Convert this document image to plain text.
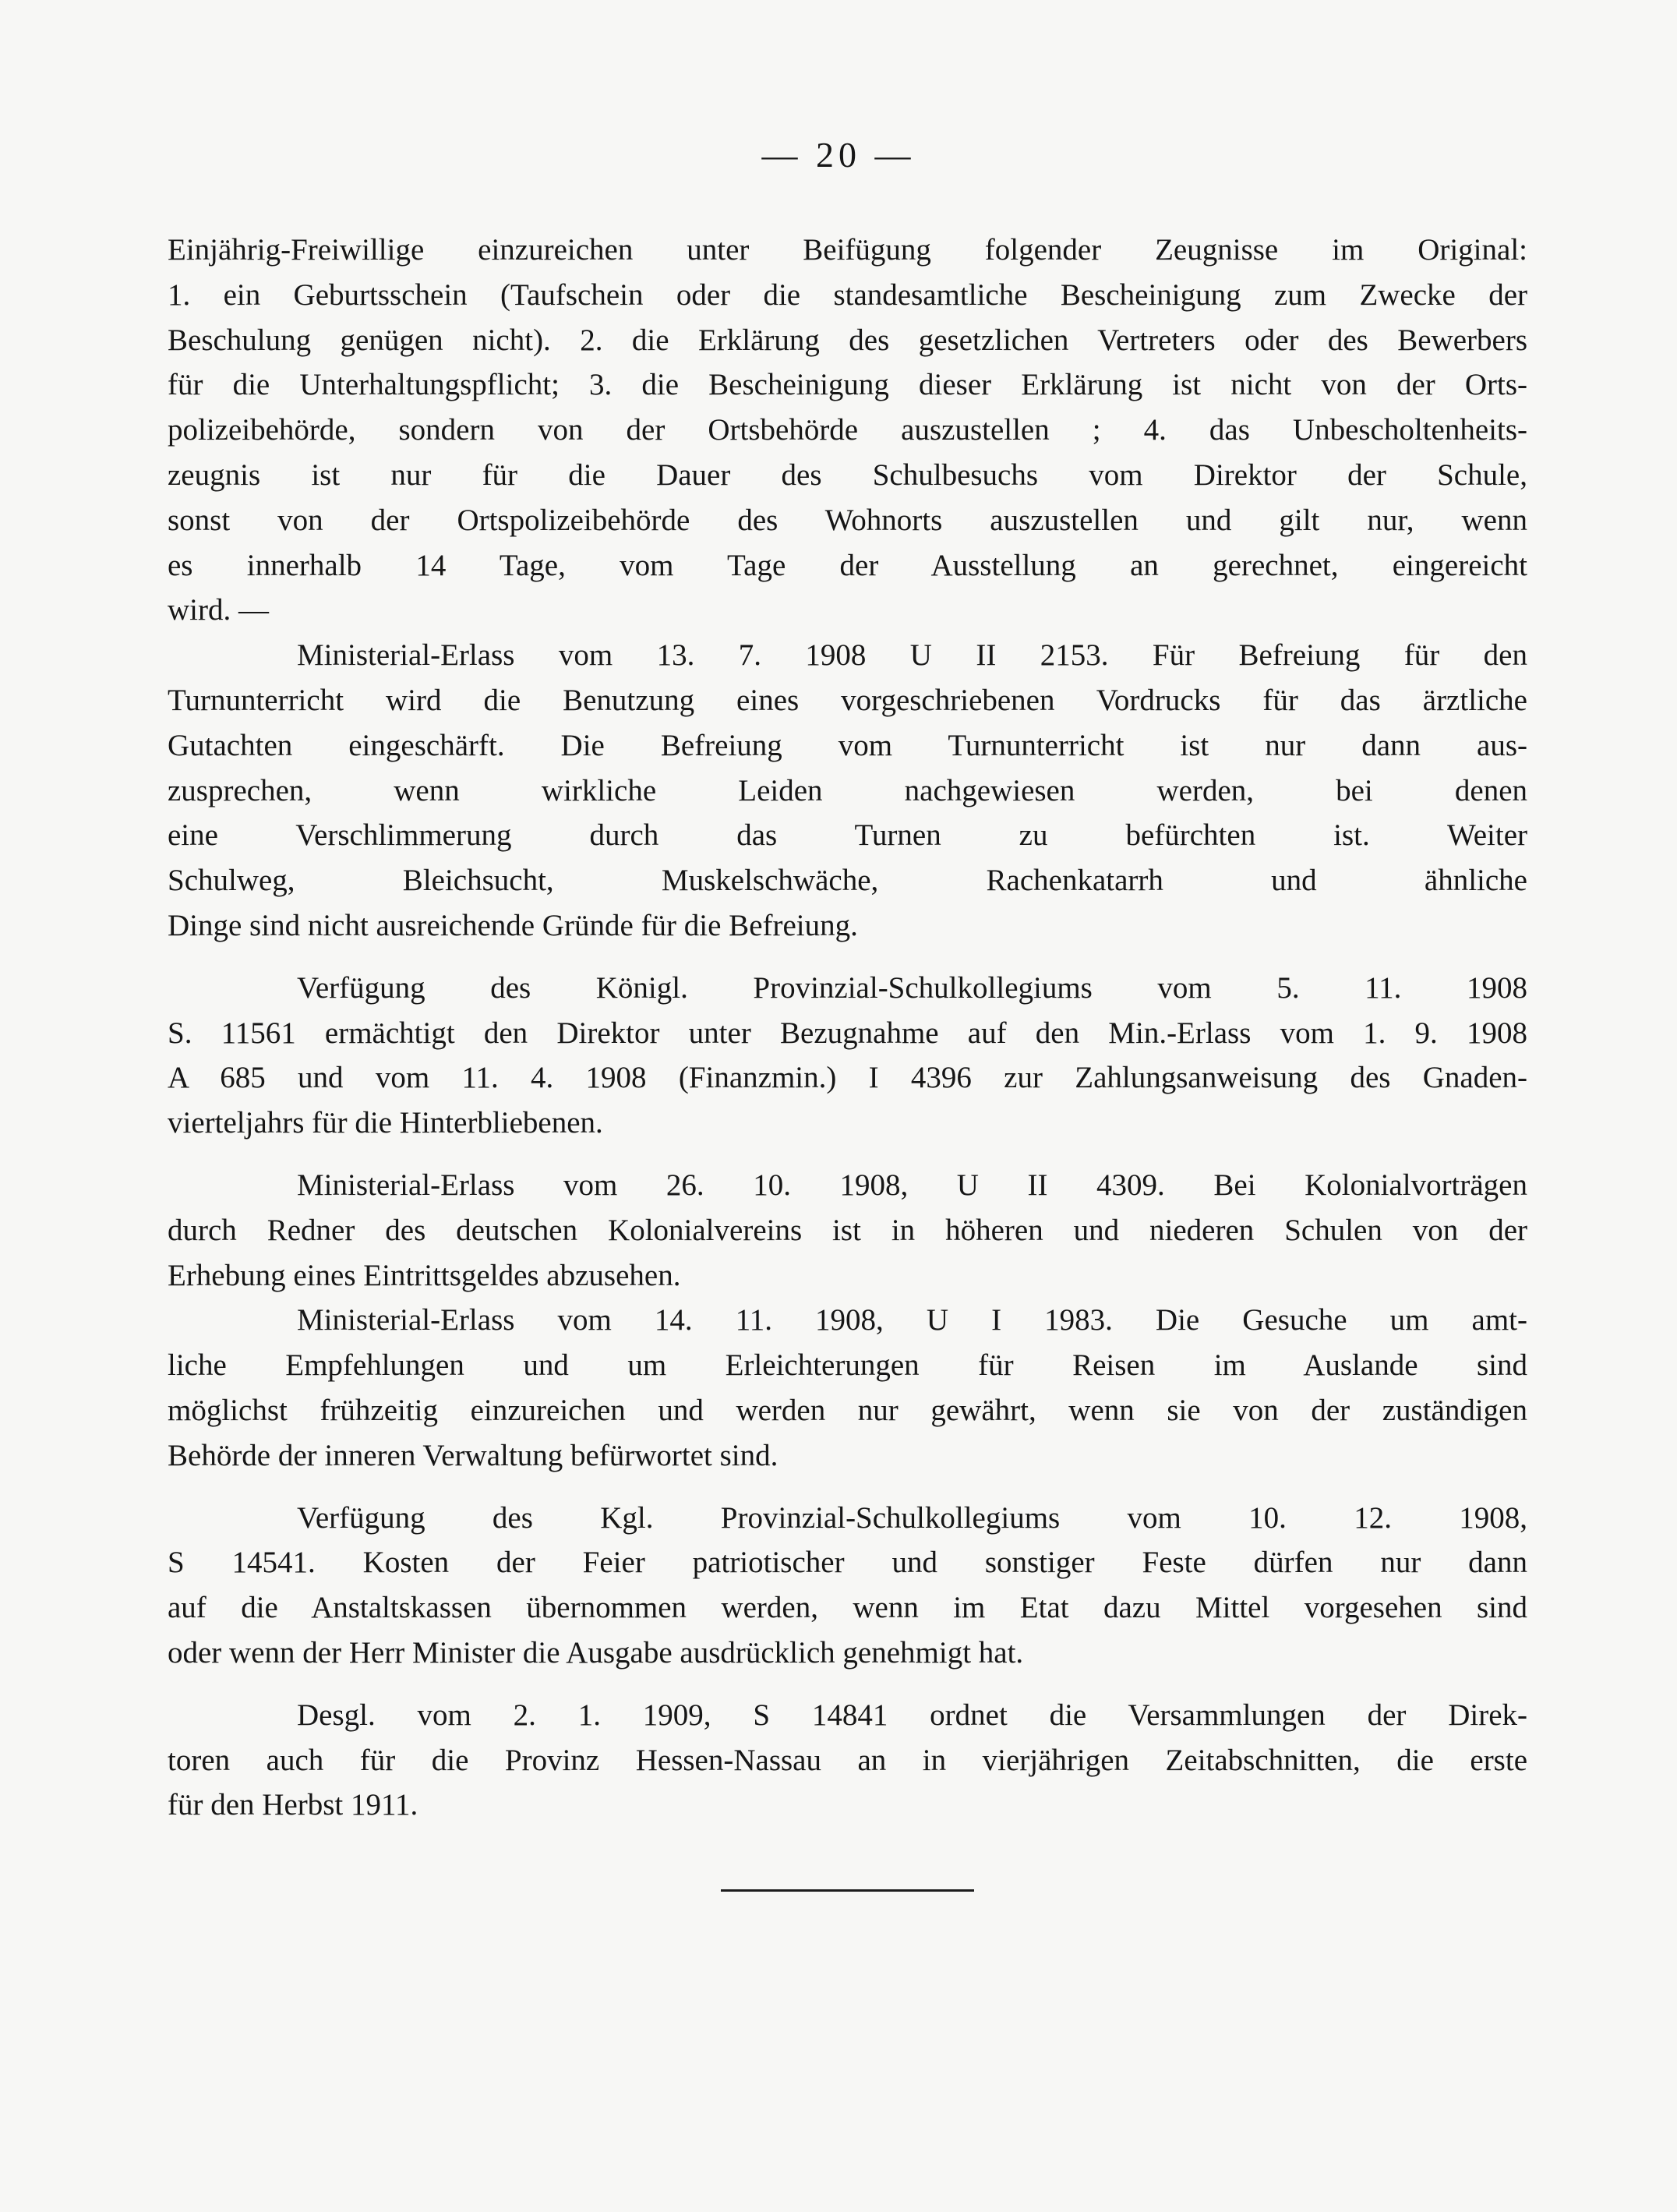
— 20 —
Einjährig-Freiwillige einzureichen unter Beifügung folgender Zeugnisse im Original:
1. ein Geburtsschein (Taufschein oder die standesamtliche Bescheinigung zum Zwecke der
Beschulung genügen nicht). 2. die Erklärung des gesetzlichen Vertreters oder des Bewerbers
für die Unterhaltungspflicht; 3. die Bescheinigung dieser Erklärung ist nicht von der Orts-
polizeibehörde, sondern von der Ortsbehörde auszustellen ; 4. das Unbescholtenheits-
zeugnis ist nur für die Dauer des Schulbesuchs vom Direktor der Schule,
sonst von der Ortspolizeibehörde des Wohnorts auszustellen und gilt nur, wenn
es innerhalb 14 Tage, vom Tage der Ausstellung an gerechnet, eingereicht
wird. —
Ministerial-Erlass vom 13. 7. 1908 U II 2153. Für Befreiung für den
Turnunterricht wird die Benutzung eines vorgeschriebenen Vordrucks für das ärztliche
Gutachten eingeschärft. Die Befreiung vom Turnunterricht ist nur dann aus-
zusprechen, wenn wirkliche Leiden nachgewiesen werden, bei denen
eine Verschlimmerung durch das Turnen zu befürchten ist. Weiter
Schulweg, Bleichsucht, Muskelschwäche, Rachenkatarrh und ähnliche
Dinge sind nicht ausreichende Gründe für die Befreiung.
Verfügung des Königl. Provinzial-Schulkollegiums vom 5. 11. 1908
S. 11561 ermächtigt den Direktor unter Bezugnahme auf den Min.-Erlass vom 1. 9. 1908
A 685 und vom 11. 4. 1908 (Finanzmin.) I 4396 zur Zahlungsanweisung des Gnaden-
vierteljahrs für die Hinterbliebenen.
Ministerial-Erlass vom 26. 10. 1908, U II 4309. Bei Kolonialvorträgen
durch Redner des deutschen Kolonialvereins ist in höheren und niederen Schulen von der
Erhebung eines Eintrittsgeldes abzusehen.
Ministerial-Erlass vom 14. 11. 1908, U I 1983. Die Gesuche um amt-
liche Empfehlungen und um Erleichterungen für Reisen im Auslande sind
möglichst frühzeitig einzureichen und werden nur gewährt, wenn sie von der zuständigen
Behörde der inneren Verwaltung befürwortet sind.
Verfügung des Kgl. Provinzial-Schulkollegiums vom 10. 12. 1908,
S 14541. Kosten der Feier patriotischer und sonstiger Feste dürfen nur dann
auf die Anstaltskassen übernommen werden, wenn im Etat dazu Mittel vorgesehen sind
oder wenn der Herr Minister die Ausgabe ausdrücklich genehmigt hat.
Desgl. vom 2. 1. 1909, S 14841 ordnet die Versammlungen der Direk-
toren auch für die Provinz Hessen-Nassau an in vierjährigen Zeitabschnitten, die erste
für den Herbst 1911.
